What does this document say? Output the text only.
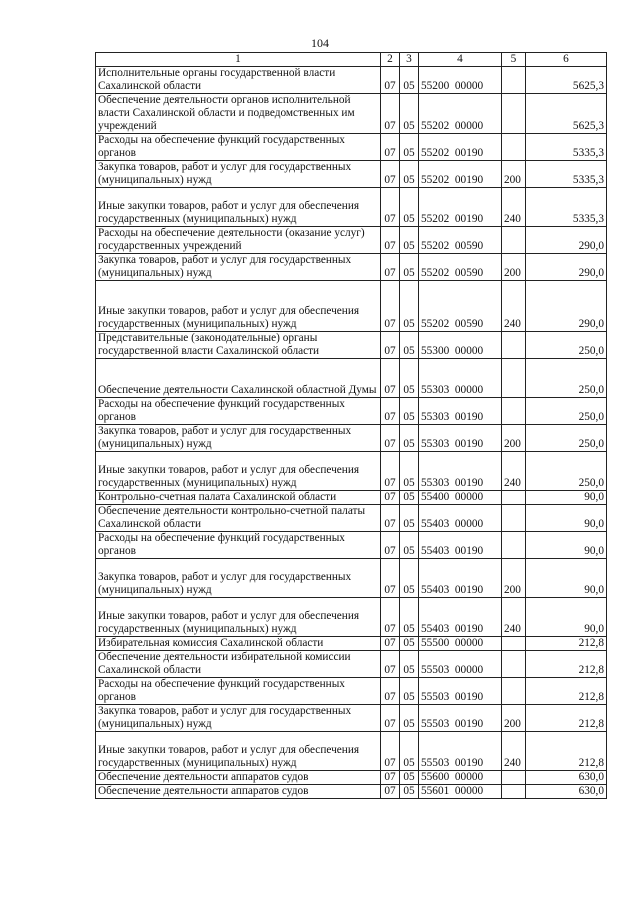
104
1	2	3	4	5	6
Исполнительные органы государственной власти Сахалинской области	07	05	55200  00000		5625,3
Обеспечение деятельности органов исполнительной власти Сахалинской области и подведомственных им учреждений	07	05	55202  00000		5625,3
Расходы на обеспечение функций государственных органов	07	05	55202  00190		5335,3
Закупка товаров, работ и услуг для государственных (муниципальных) нужд	07	05	55202  00190	200	5335,3
Иные закупки товаров, работ и услуг для обеспечения государственных (муниципальных) нужд	07	05	55202  00190	240	5335,3
Расходы на обеспечение деятельности (оказание услуг) государственных учреждений	07	05	55202  00590		290,0
Закупка товаров, работ и услуг для государственных (муниципальных) нужд	07	05	55202  00590	200	290,0
Иные закупки товаров, работ и услуг для обеспечения государственных (муниципальных) нужд	07	05	55202  00590	240	290,0
Представительные (законодательные) органы государственной власти Сахалинской области	07	05	55300  00000		250,0
Обеспечение деятельности Сахалинской областной Думы	07	05	55303  00000		250,0
Расходы на обеспечение функций государственных органов	07	05	55303  00190		250,0
Закупка товаров, работ и услуг для государственных (муниципальных) нужд	07	05	55303  00190	200	250,0
Иные закупки товаров, работ и услуг для обеспечения государственных (муниципальных) нужд	07	05	55303  00190	240	250,0
Контрольно-счетная палата Сахалинской области	07	05	55400  00000		90,0
Обеспечение деятельности контрольно-счетной палаты Сахалинской области	07	05	55403  00000		90,0
Расходы на обеспечение функций государственных органов	07	05	55403  00190		90,0
Закупка товаров, работ и услуг для государственных (муниципальных) нужд	07	05	55403  00190	200	90,0
Иные закупки товаров, работ и услуг для обеспечения государственных (муниципальных) нужд	07	05	55403  00190	240	90,0
Избирательная комиссия Сахалинской области	07	05	55500  00000		212,8
Обеспечение деятельности избирательной комиссии Сахалинской области	07	05	55503  00000		212,8
Расходы на обеспечение функций государственных органов	07	05	55503  00190		212,8
Закупка товаров, работ и услуг для государственных (муниципальных) нужд	07	05	55503  00190	200	212,8
Иные закупки товаров, работ и услуг для обеспечения государственных (муниципальных) нужд	07	05	55503  00190	240	212,8
Обеспечение деятельности аппаратов судов	07	05	55600  00000		630,0
Обеспечение деятельности аппаратов судов	07	05	55601  00000		630,0
